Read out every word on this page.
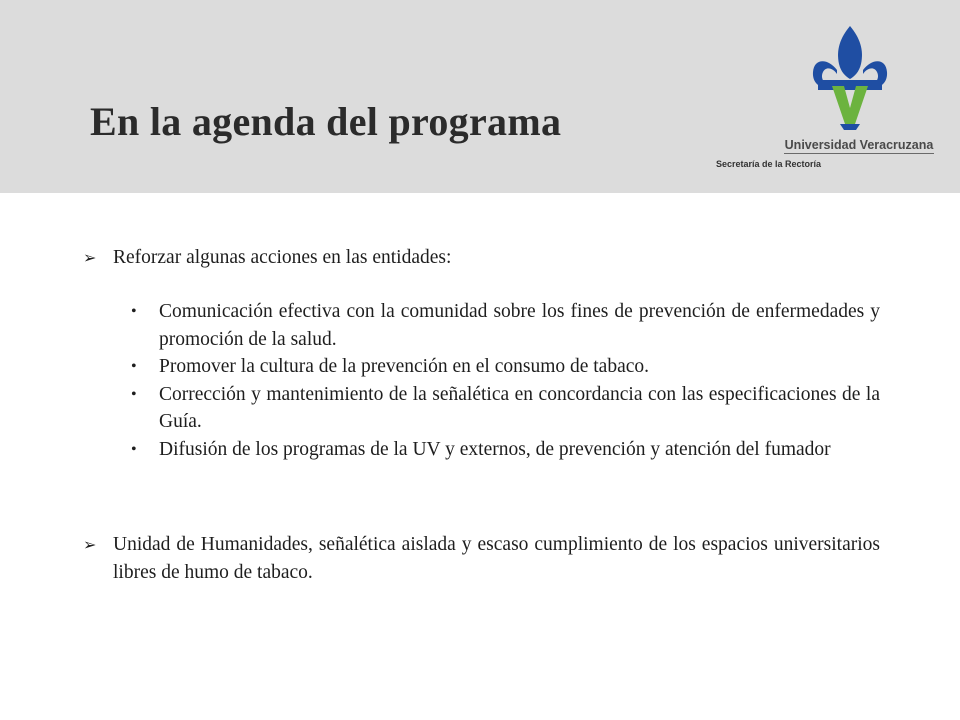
En la agenda del programa
Universidad Veracruzana
Secretaría de la Rectoría
➢ Reforzar algunas acciones en las entidades:
• Comunicación efectiva con la comunidad sobre los fines de prevención de enfermedades y promoción de la salud.
• Promover la cultura de la prevención en el consumo de tabaco.
• Corrección y mantenimiento de la señalética en concordancia con las especificaciones de la Guía.
• Difusión de los programas de la UV y externos, de prevención y atención del fumador
➢ Unidad de Humanidades, señalética aislada y escaso cumplimiento de los espacios universitarios libres de humo de tabaco.
